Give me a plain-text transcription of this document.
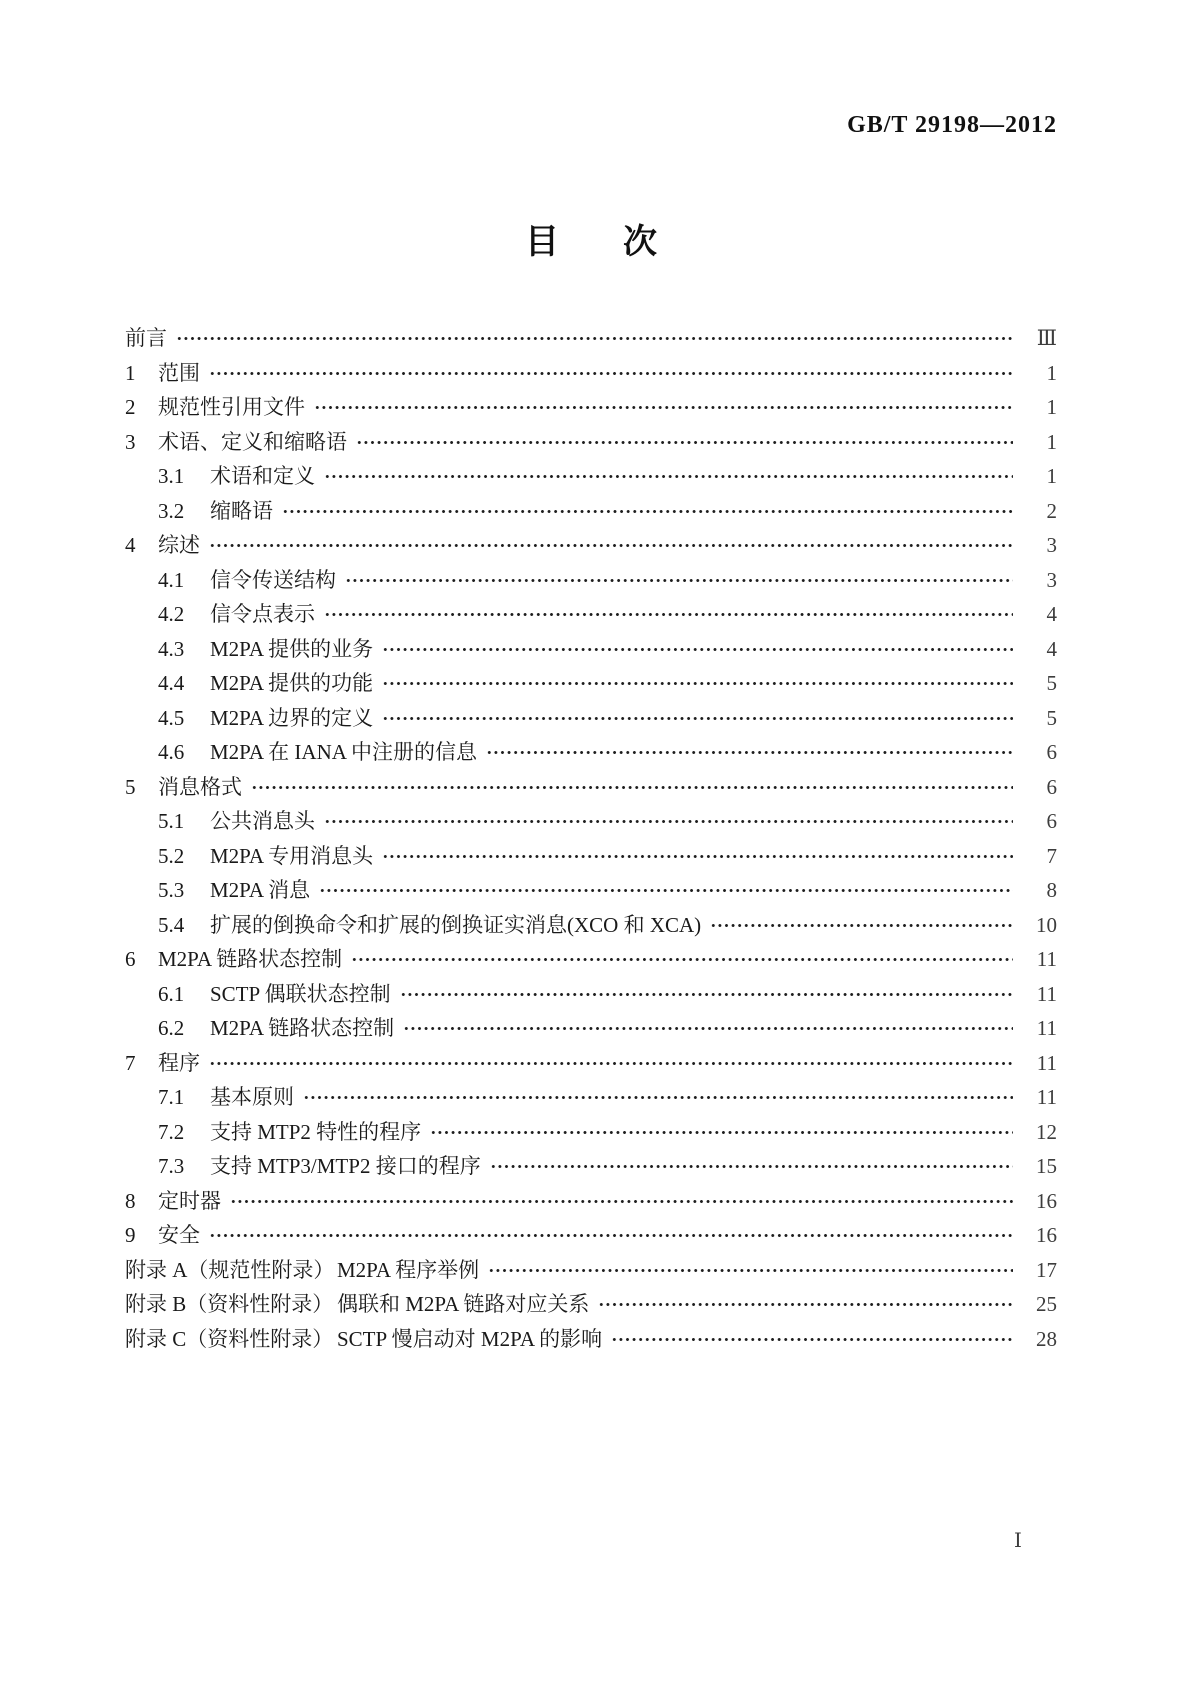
GB/T 29198—2012
目 次
前言	Ⅲ
1	范围	1
2	规范性引用文件	1
3	术语、定义和缩略语	1
3.1	术语和定义	1
3.2	缩略语	2
4	综述	3
4.1	信令传送结构	3
4.2	信令点表示	4
4.3	M2PA 提供的业务	4
4.4	M2PA 提供的功能	5
4.5	M2PA 边界的定义	5
4.6	M2PA 在 IANA 中注册的信息	6
5	消息格式	6
5.1	公共消息头	6
5.2	M2PA 专用消息头	7
5.3	M2PA 消息	8
5.4	扩展的倒换命令和扩展的倒换证实消息(XCO 和 XCA)	10
6	M2PA 链路状态控制	11
6.1	SCTP 偶联状态控制	11
6.2	M2PA 链路状态控制	11
7	程序	11
7.1	基本原则	11
7.2	支持 MTP2 特性的程序	12
7.3	支持 MTP3/MTP2 接口的程序	15
8	定时器	16
9	安全	16
附录 A（规范性附录） M2PA 程序举例	17
附录 B（资料性附录） 偶联和 M2PA 链路对应关系	25
附录 C（资料性附录） SCTP 慢启动对 M2PA 的影响	28
Ⅰ
